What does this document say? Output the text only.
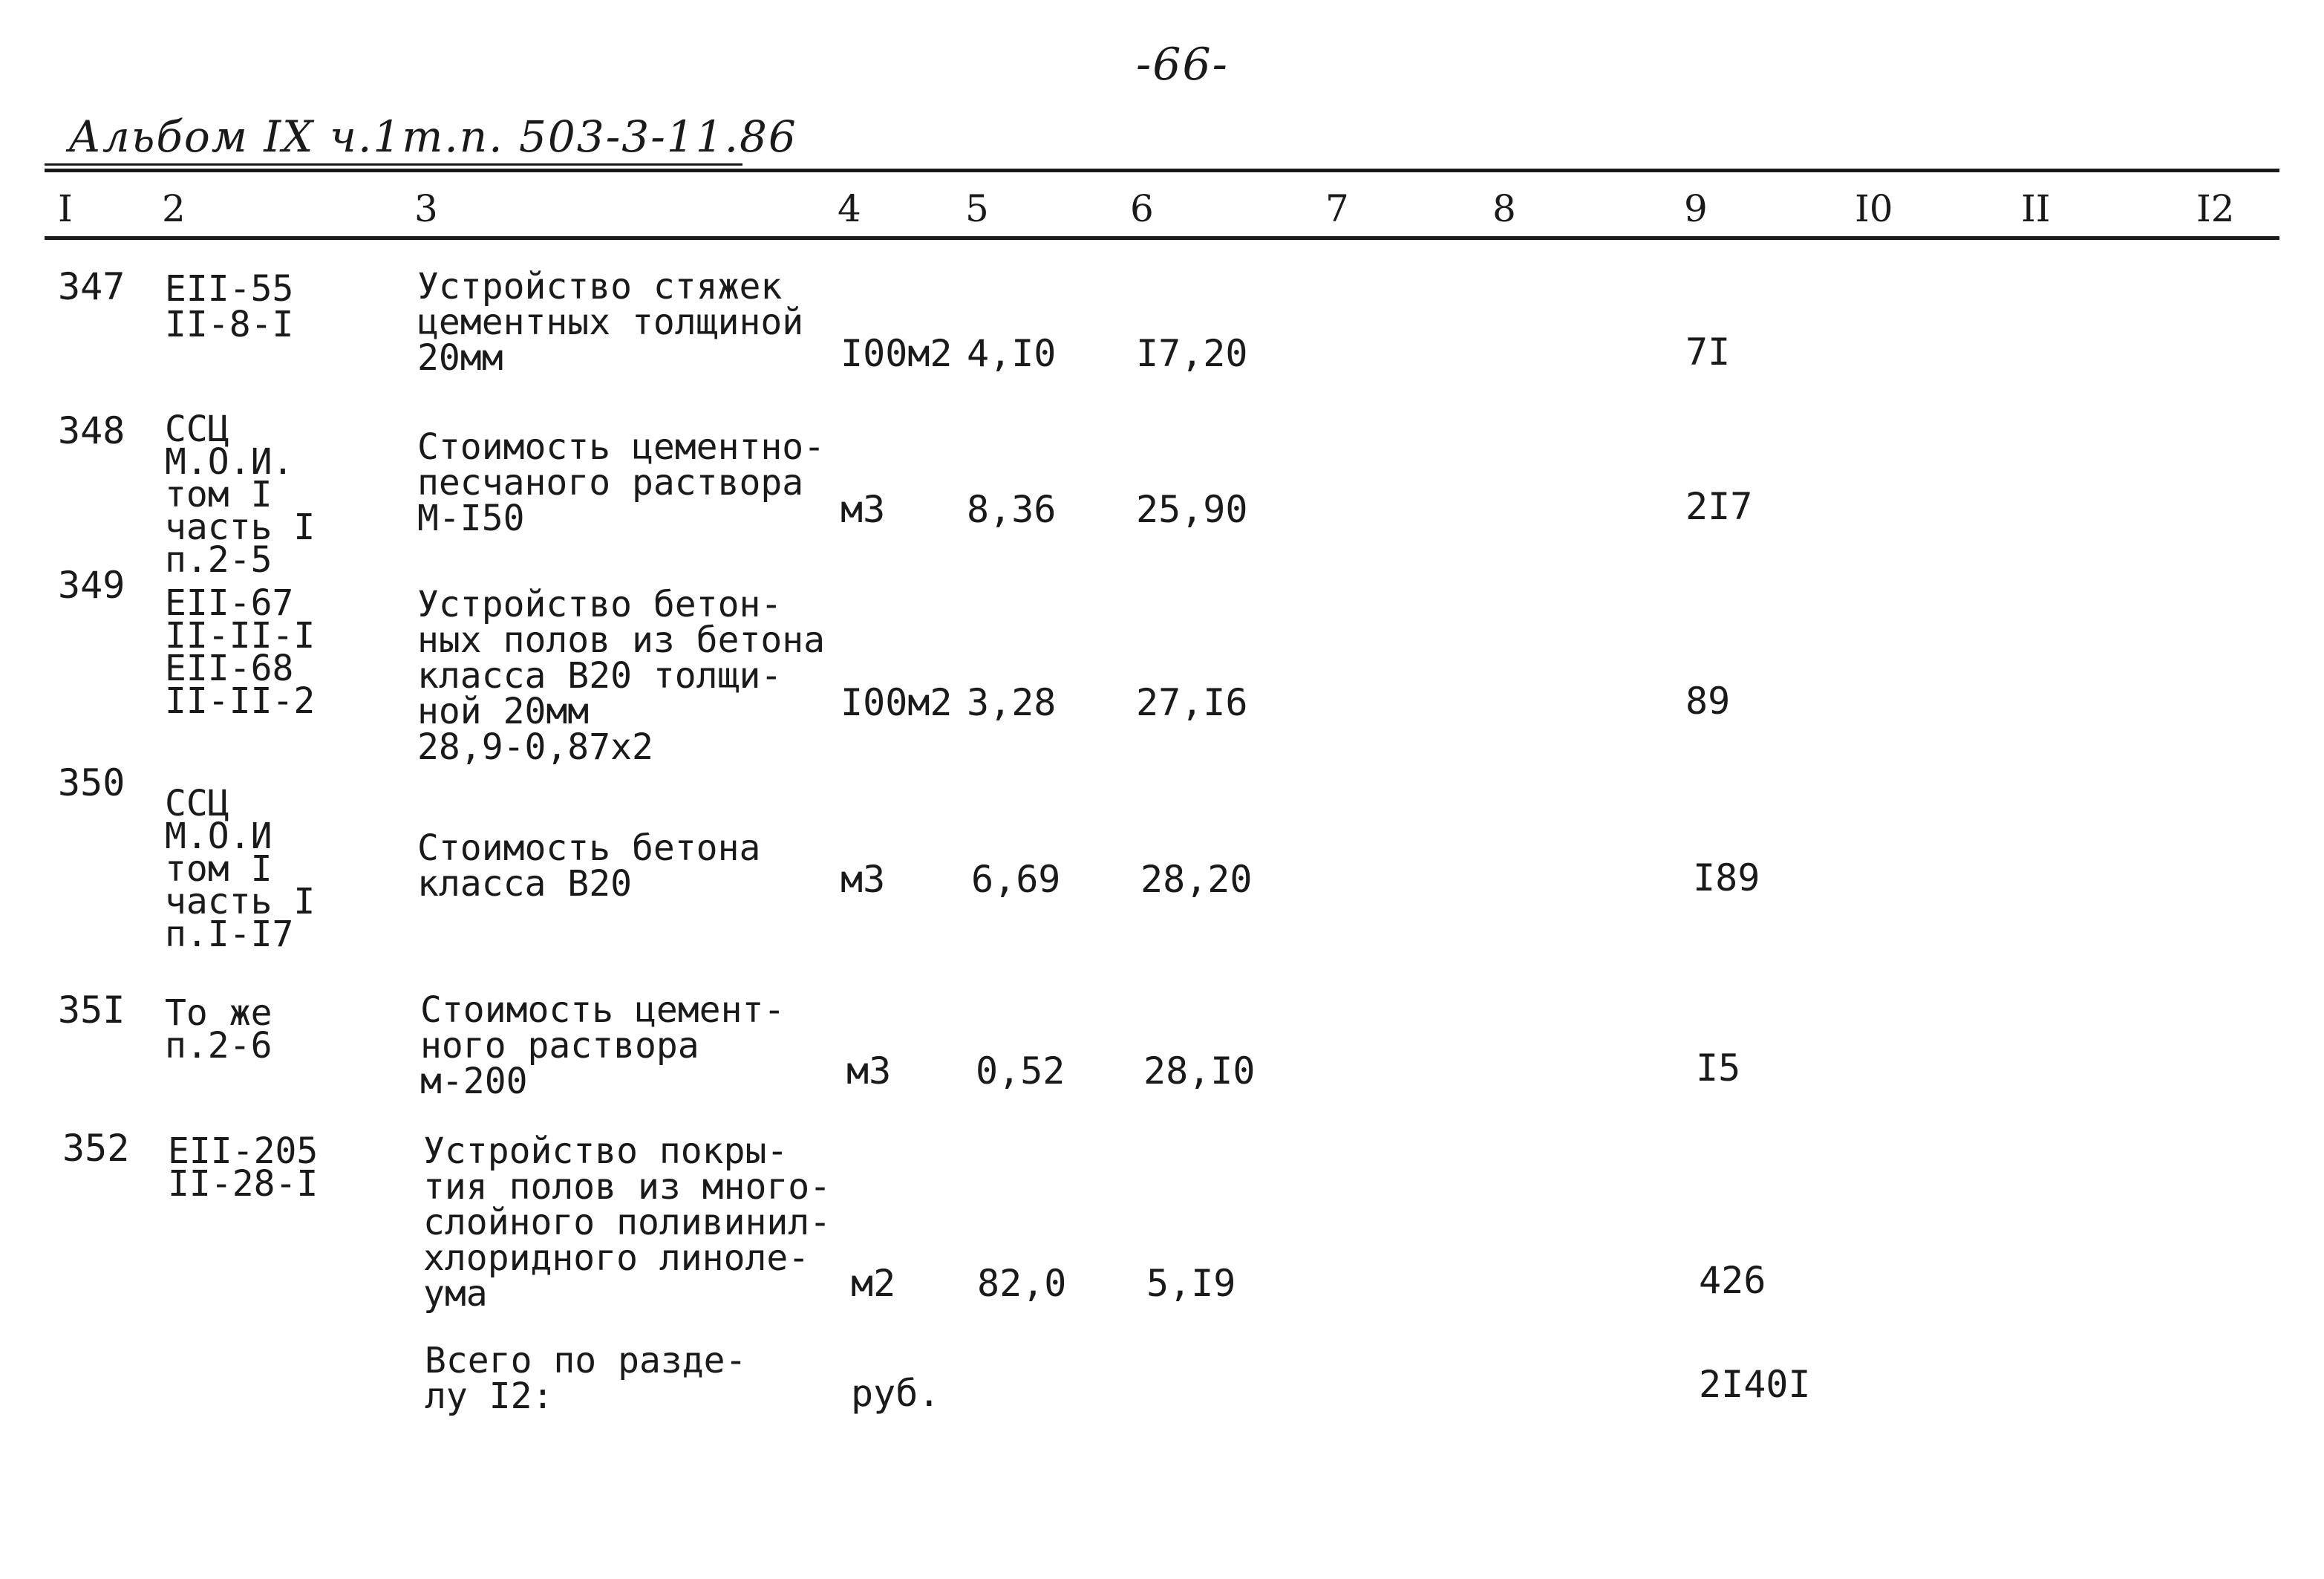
-66-
Альбом IX ч.1т.п. 503-3-11.86
I 2	3	4	5	6	7	8	9	I0	II	I2
347 EII-55
II-8-I
Устройство стяжек
цементных толщиной
20мм	I00м2 4,I0 I7,20	7I
348 ССЦ
М.О.И.
том I
часть I
п.2-5
Стоимость цементно-
песчаного раствора
М-I50	м3 8,36 25,90	2I7
349 EII-67
II-II-I
EII-68
II-II-2
Устройство бетон-
ных полов из бетона
класса В20 толщи-
ной 20мм
28,9-0,87x2
I00м2 3,28 27,I6	89
350 ССЦ
М.О.И
том I
часть I
п.I-I7
Стоимость бетона
класса В20	м3 6,69 28,20	I89
35I То же
п.2-6
Стоимость цемент-
ного раствора
м-200	м3 0,52 28,I0	I5
352 EII-205
II-28-I
Устройство покры-
тия полов из много-
слойного поливинил-
хлоридного линоле-
ума	м2 82,0 5,I9	426
Всего по разде-
лу I2:	руб.	2I40I
